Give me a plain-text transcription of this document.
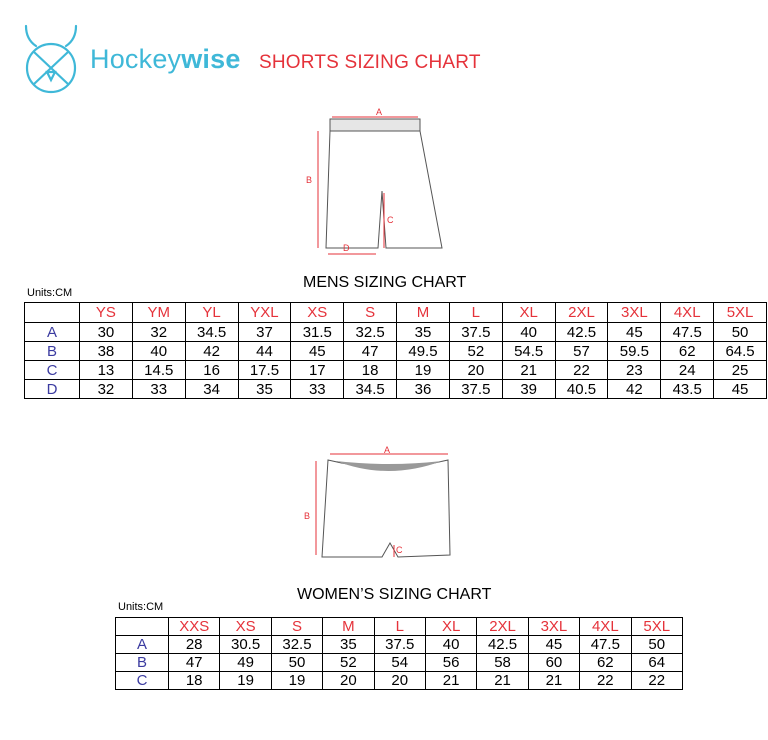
Hockeywise SHORTS SIZING CHART
A
B
C
D
MENS SIZING CHART
Units:CM
	YS	YM	YL	YXL	XS	S	M	L	XL	2XL	3XL	4XL	5XL
A	30	32	34.5	37	31.5	32.5	35	37.5	40	42.5	45	47.5	50
B	38	40	42	44	45	47	49.5	52	54.5	57	59.5	62	64.5
C	13	14.5	16	17.5	17	18	19	20	21	22	23	24	25
D	32	33	34	35	33	34.5	36	37.5	39	40.5	42	43.5	45
A
B
C
WOMEN’S SIZING CHART
Units:CM
	XXS	XS	S	M	L	XL	2XL	3XL	4XL	5XL
A	28	30.5	32.5	35	37.5	40	42.5	45	47.5	50
B	47	49	50	52	54	56	58	60	62	64
C	18	19	19	20	20	21	21	21	22	22
